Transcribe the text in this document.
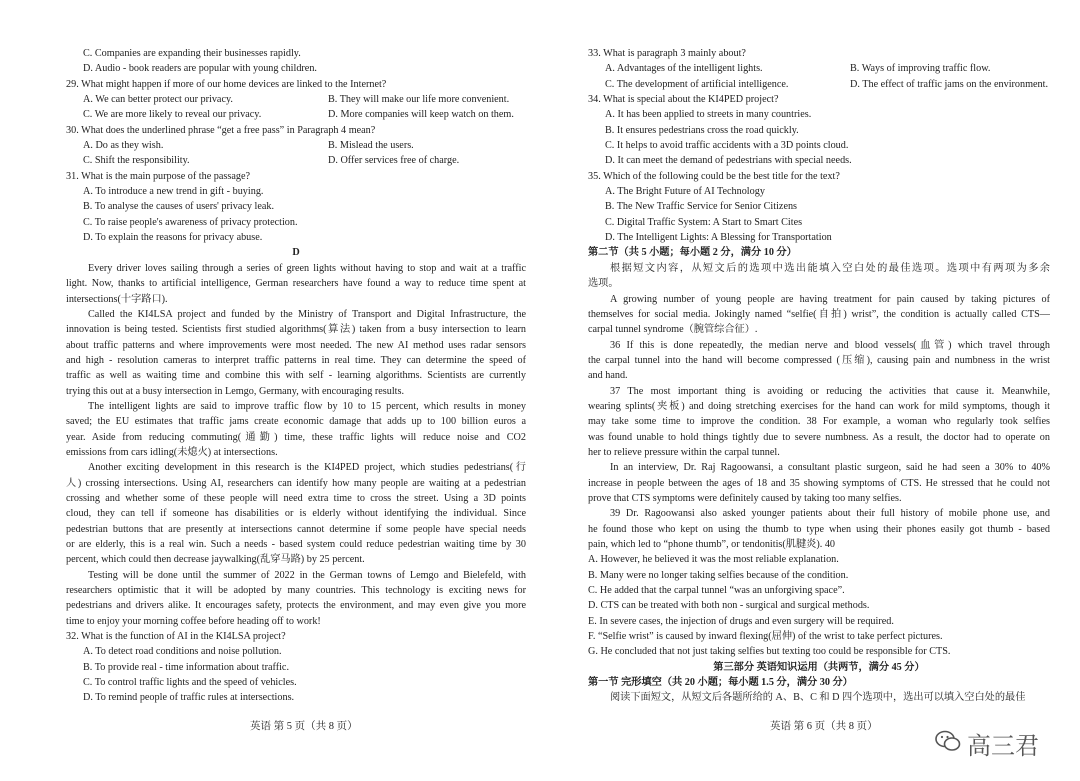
C. Companies are expanding their businesses rapidly.
D. Audio - book readers are popular with young children.
29. What might happen if more of our home devices are linked to the Internet?
A. We can better protect our privacy.	B. They will make our life more convenient.
C. We are more likely to reveal our privacy.	D. More companies will keep watch on them.
30. What does the underlined phrase “get a free pass” in Paragraph 4 mean?
A. Do as they wish.	B. Mislead the users.
C. Shift the responsibility.	D. Offer services free of charge.
31. What is the main purpose of the passage?
A. To introduce a new trend in gift - buying.
B. To analyse the causes of users' privacy leak.
C. To raise people's awareness of privacy protection.
D. To explain the reasons for privacy abuse.
D
Every driver loves sailing through a series of green lights without having to stop and wait at a traffic
light. Now, thanks to artificial intelligence, German researchers have found a way to reduce time spent at
intersections(十字路口).
Called the KI4LSA project and funded by the Ministry of Transport and Digital Infrastructure, the
innovation is being tested. Scientists first studied algorithms(算法) taken from a busy intersection to learn
about traffic patterns and where improvements were most needed. The new AI method uses radar sensors
and high - resolution cameras to interpret traffic patterns in real time. They can determine the speed of
traffic as well as waiting time and combine this with self - learning algorithms. Scientists are currently
trying this out at a busy intersection in Lemgo, Germany, with encouraging results.
The intelligent lights are said to improve traffic flow by 10 to 15 percent, which results in money
saved; the EU estimates that traffic jams create economic damage that adds up to 100 billion euros a
year. Aside from reducing commuting(通勤) time, these traffic lights will reduce noise and CO2
emissions from cars idling(未熄火) at intersections.
Another exciting development in this research is the KI4PED project, which studies pedestrians(行
人) crossing intersections. Using AI, researchers can identify how many people are waiting at a pedestrian
crossing and whether some of these people will need extra time to cross the street. Using a 3D points
cloud, they can tell if someone has disabilities or is elderly without identifying the individual. Since
pedestrian buttons that are presently at intersections cannot determine if some people have special needs
or are elderly, this is a real win. Such a needs - based system could reduce pedestrian waiting time by 30
percent, which could then decrease jaywalking(乱穿马路) by 25 percent.
Testing will be done until the summer of 2022 in the German towns of Lemgo and Bielefeld, with
researchers optimistic that it will be adopted by many countries. This technology is exciting news for
pedestrians and drivers alike. It encourages safety, protects the environment, and may even give you more
time to enjoy your morning coffee before heading off to work!
32. What is the function of AI in the KI4LSA project?
A. To detect road conditions and noise pollution.
B. To provide real - time information about traffic.
C. To control traffic lights and the speed of vehicles.
D. To remind people of traffic rules at intersections.
33. What is paragraph 3 mainly about?
A. Advantages of the intelligent lights.	B. Ways of improving traffic flow.
C. The development of artificial intelligence.	D. The effect of traffic jams on the environment.
34. What is special about the KI4PED project?
A. It has been applied to streets in many countries.
B. It ensures pedestrians cross the road quickly.
C. It helps to avoid traffic accidents with a 3D points cloud.
D. It can meet the demand of pedestrians with special needs.
35. Which of the following could be the best title for the text?
A. The Bright Future of AI Technology
B. The New Traffic Service for Senior Citizens
C. Digital Traffic System: A Start to Smart Cites
D. The Intelligent Lights: A Blessing for Transportation
第二节（共 5 小题；每小题 2 分，满分 10 分）
根据短文内容，从短文后的选项中选出能填入空白处的最佳选项。选项中有两项为多余
选项。
A growing number of young people are having treatment for pain caused by taking pictures of
themselves for social media. Jokingly named “selfie(自拍) wrist”, the condition is actually called CTS—
carpal tunnel syndrome（腕管综合征）.
36 If this is done repeatedly, the median nerve and blood vessels(血管) which travel through
the carpal tunnel into the hand will become compressed (压缩), causing pain and numbness in the wrist
and hand.
37 The most important thing is avoiding or reducing the activities that cause it. Meanwhile,
wearing splints(夹板) and doing stretching exercises for the hand can work for mild symptoms, though it
may take some time to improve the condition. 38 For example, a woman who regularly took selfies
was found unable to hold things tightly due to severe numbness. As a result, the doctor had to operate on
her to relieve pressure within the carpal tunnel.
In an interview, Dr. Raj Ragoowansi, a consultant plastic surgeon, said he had seen a 30% to 40%
increase in people between the ages of 18 and 35 showing symptoms of CTS. He stressed that he could not
prove that CTS symptoms were definitely caused by taking too many selfies.
39 Dr. Ragoowansi also asked younger patients about their full history of mobile phone use, and
he found those who kept on using the thumb to type when using their phones easily got thumb - based
pain, which led to “phone thumb”, or tendonitis(肌腱炎). 40
A. However, he believed it was the most reliable explanation.
B. Many were no longer taking selfies because of the condition.
C. He added that the carpal tunnel “was an unforgiving space”.
D. CTS can be treated with both non - surgical and surgical methods.
E. In severe cases, the injection of drugs and even surgery will be required.
F. “Selfie wrist” is caused by inward flexing(屈伸) of the wrist to take perfect pictures.
G. He concluded that not just taking selfies but texting too could be responsible for CTS.
第三部分 英语知识运用（共两节，满分 45 分）
第一节 完形填空（共 20 小题；每小题 1.5 分，满分 30 分）
阅读下面短文，从短文后各题所给的 A、B、C 和 D 四个选项中，选出可以填入空白处的最佳
英语 第 5 页（共 8 页）	英语 第 6 页（共 8 页）
高三君
